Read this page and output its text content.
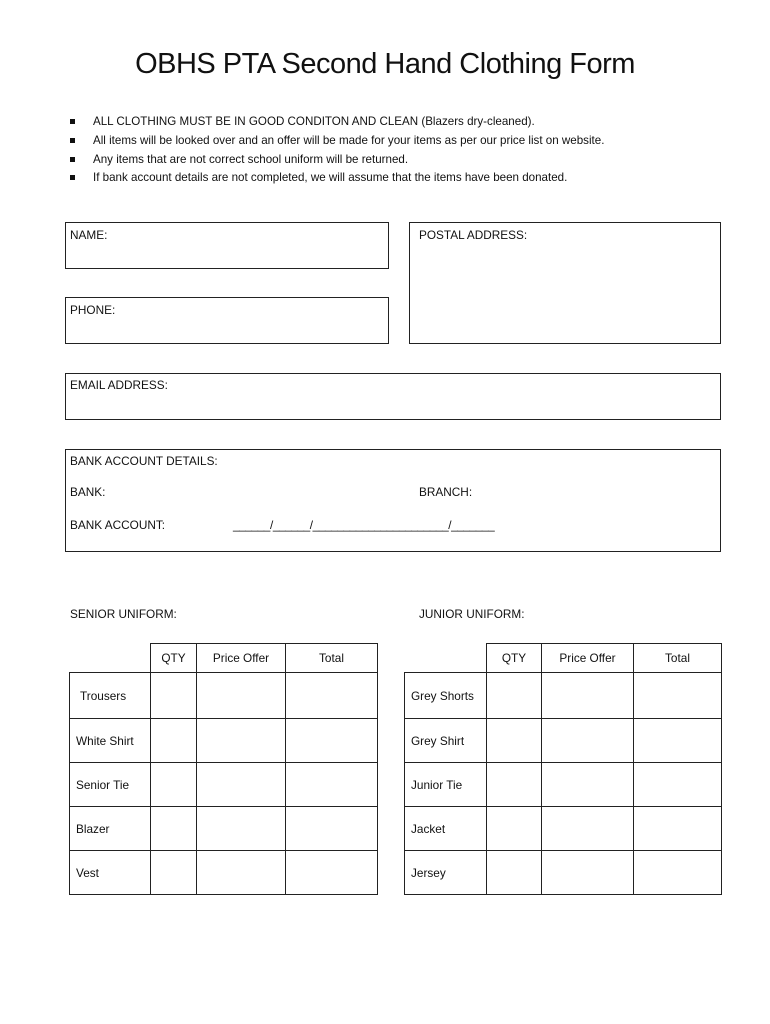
OBHS PTA Second Hand Clothing Form
ALL CLOTHING MUST BE IN GOOD CONDITON AND CLEAN (Blazers dry-cleaned).
All items will be looked over and an offer will be made for your items as per our price list on website.
Any items that are not correct school uniform will be returned.
If bank account details are not completed, we will assume that the items have been donated.
NAME:	POSTAL ADDRESS:
PHONE:
EMAIL ADDRESS:
BANK ACCOUNT DETAILS:
BANK:	BRANCH:
BANK ACCOUNT:	______/______/______________________/_______
SENIOR UNIFORM:	JUNIOR UNIFORM:
	QTY	Price Offer	Total
Trousers			
White Shirt			
Senior Tie			
Blazer			
Vest			
	QTY	Price Offer	Total
Grey Shorts			
Grey Shirt			
Junior Tie			
Jacket			
Jersey			
